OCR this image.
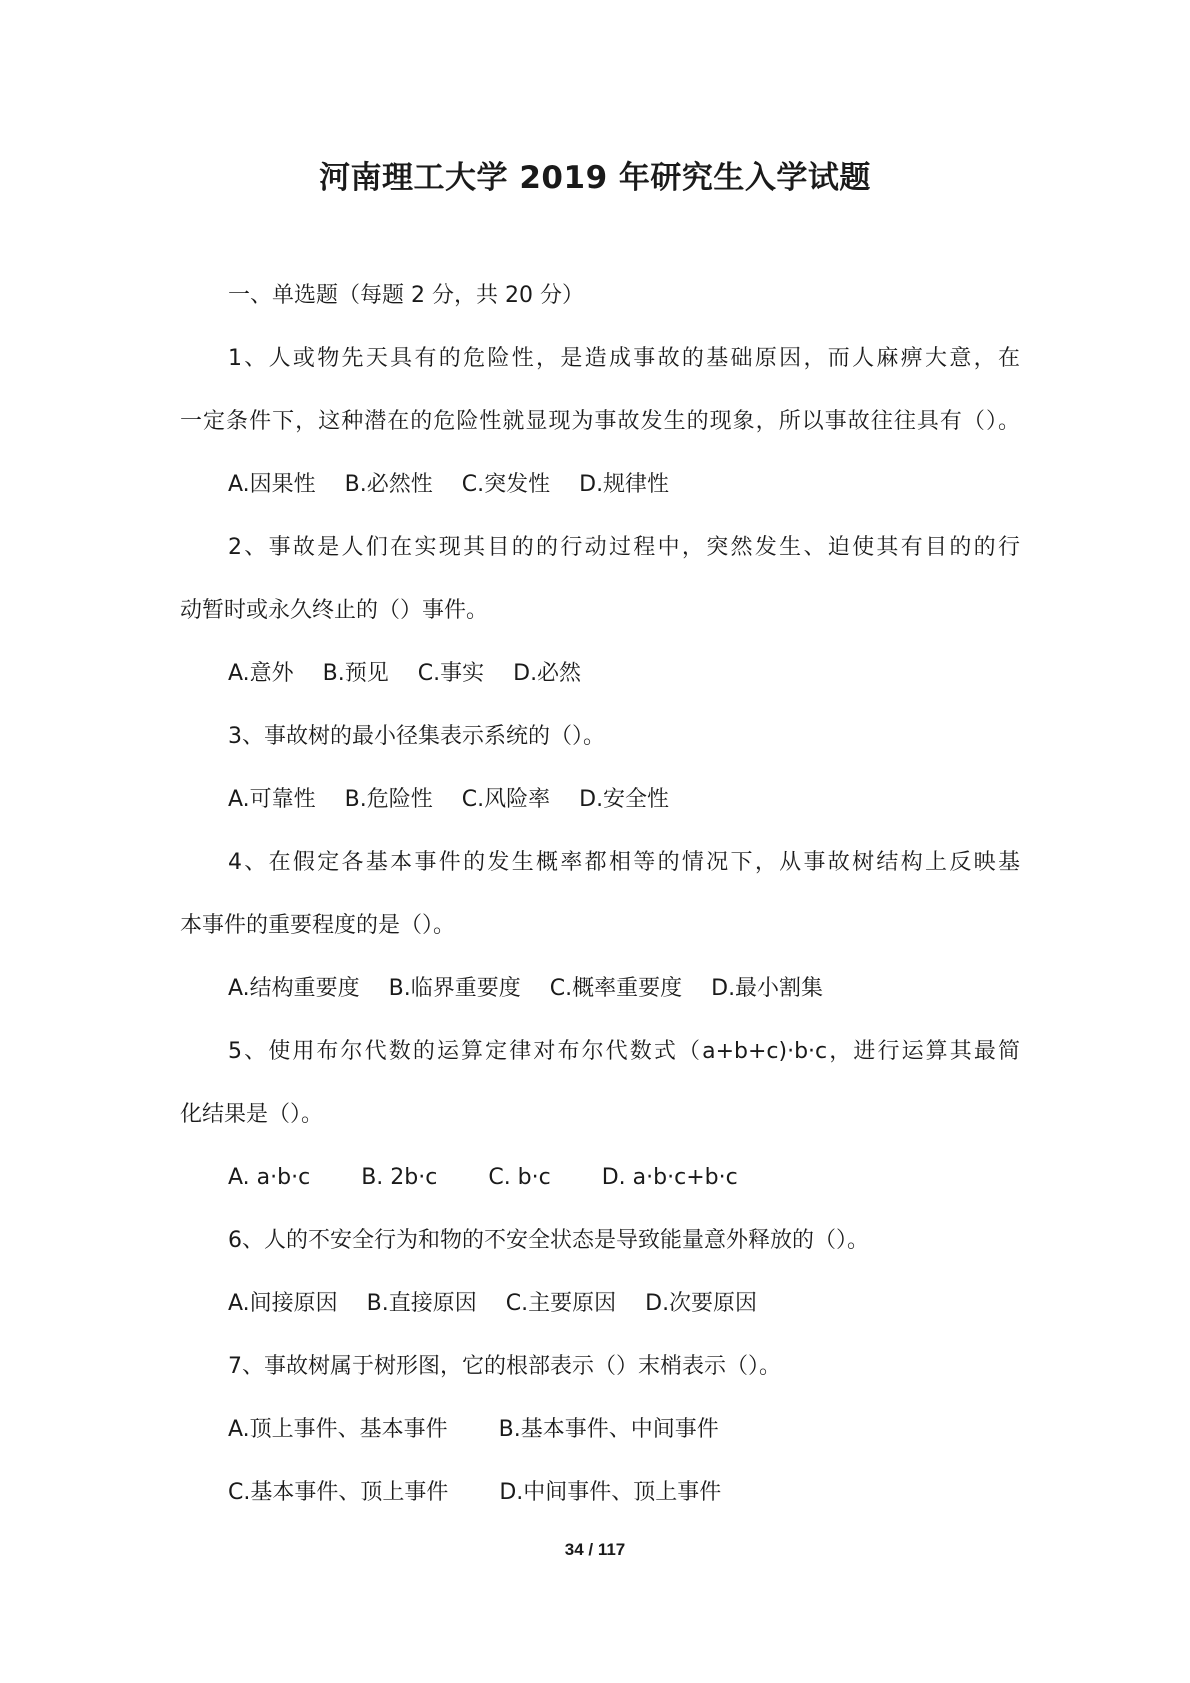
河南理工大学 2019 年研究生入学试题
一、单选题（每题 2 分，共 20 分）
1、人或物先天具有的危险性，是造成事故的基础原因，而人麻痹大意，在
一定条件下，这种潜在的危险性就显现为事故发生的现象，所以事故往往具有（）。
A.因果性 B.必然性 C.突发性 D.规律性
2、事故是人们在实现其目的的行动过程中，突然发生、迫使其有目的的行
动暂时或永久终止的（）事件。
A.意外 B.预见 C.事实 D.必然
3、事故树的最小径集表示系统的（）。
A.可靠性 B.危险性 C.风险率 D.安全性
4、在假定各基本事件的发生概率都相等的情况下，从事故树结构上反映基
本事件的重要程度的是（）。
A.结构重要度 B.临界重要度 C.概率重要度 D.最小割集
5、使用布尔代数的运算定律对布尔代数式（a+b+c)·b·c，进行运算其最简
化结果是（）。
A. a·b·c B. 2b·c C. b·c D. a·b·c+b·c
6、人的不安全行为和物的不安全状态是导致能量意外释放的（）。
A.间接原因 B.直接原因 C.主要原因 D.次要原因
7、事故树属于树形图，它的根部表示（）末梢表示（）。
A.顶上事件、基本事件 B.基本事件、中间事件
C.基本事件、顶上事件 D.中间事件、顶上事件
34 / 117
